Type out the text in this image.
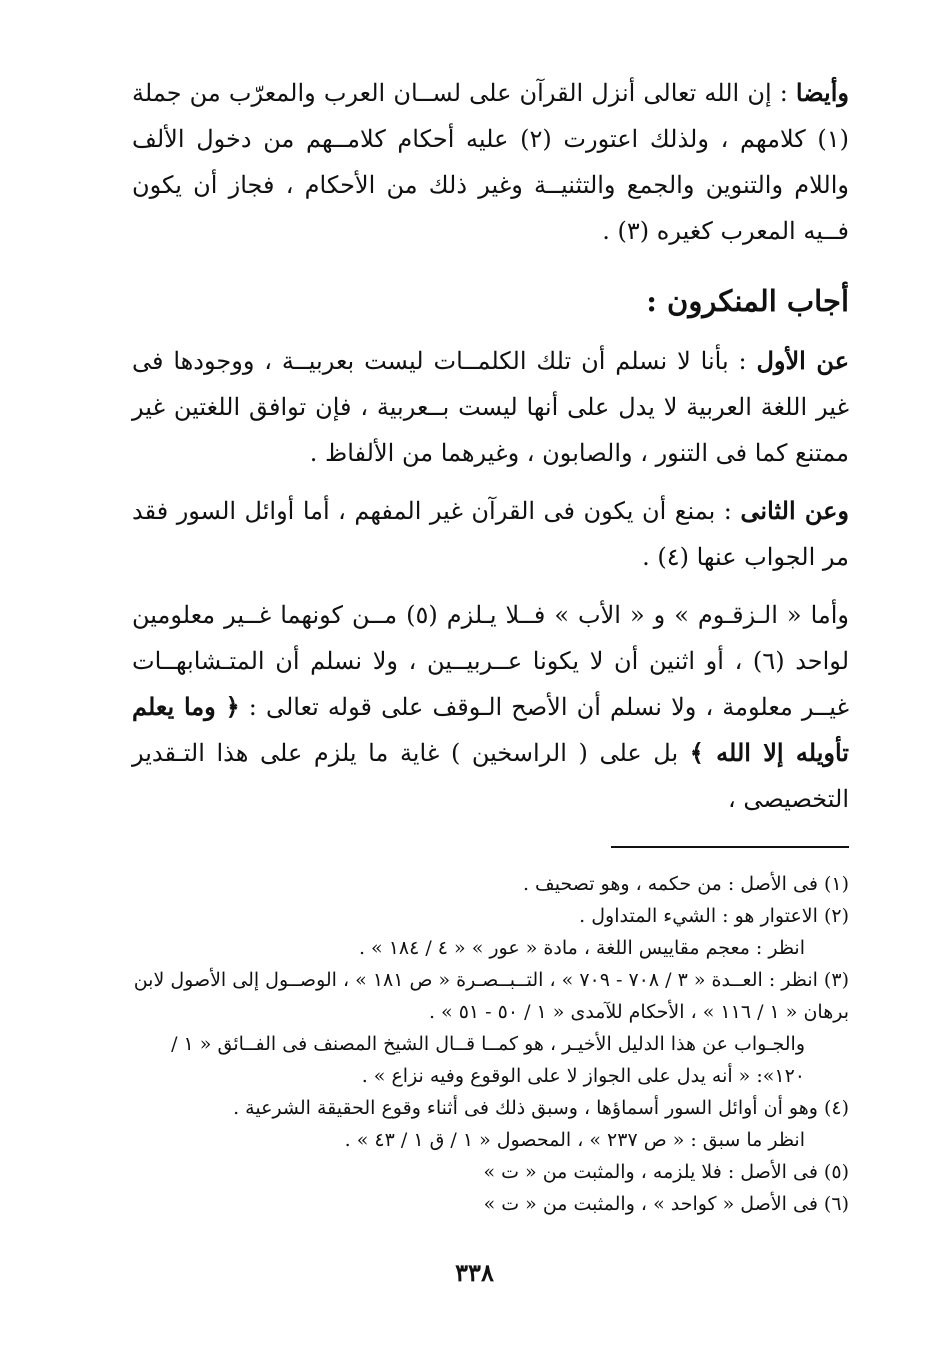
وأيضا : إن الله تعالى أنزل القرآن على لســان العرب والمعرّب من جملة (١) كلامهم ، ولذلك اعتورت (٢) عليه أحكام كلامــهم من دخول الألف واللام والتنوين والجمع والتثنيــة وغير ذلك من الأحكام ، فجاز أن يكون فــيه المعرب كغيره (٣) .

أجاب المنكرون :

عن الأول : بأنا لا نسلم أن تلك الكلمــات ليست بعربيــة ، ووجودها فى غير اللغة العربية لا يدل على أنها ليست بــعربية ، فإن توافق اللغتين غير ممتنع كما فى التنور ، والصابون ، وغيرهما من الألفاظ .

وعن الثانى : بمنع أن يكون فى القرآن غير المفهم ، أما أوائل السور فقد مر الجواب عنها (٤) .

وأما « الـزقـوم » و « الأب » فــلا يـلزم (٥) مــن كونهما غــير معلومين لواحد (٦) ، أو اثنين أن لا يكونا عــربيــين ، ولا نسلم أن المتـشابهــات غيــر معلومة ، ولا نسلم أن الأصح الـوقف على قوله تعالى : ﴿ وما يعلم تأويله إلا الله ﴾ بل على ( الراسخين ) غاية ما يلزم على هذا التـقدير التخصيصى ،

(١) فى الأصل : من حكمه ، وهو تصحيف .
(٢) الاعتوار هو : الشيء المتداول .
انظر : معجم مقاييس اللغة ، مادة « عور » « ٤ / ١٨٤ » .
(٣) انظر : العــدة « ٣ / ٧٠٨ - ٧٠٩ » ، التــبــصـرة « ص ١٨١ » ، الوصــول إلى الأصول لابن برهان « ١ / ١١٦ » ، الأحكام للآمدى « ١ / ٥٠ - ٥١ » .
والجـواب عن هذا الدليل الأخيـر ، هو كمــا قــال الشيخ المصنف فى الفــائق « ١ / ١٢٠»: « أنه يدل على الجواز لا على الوقوع وفيه نزاع » .
(٤) وهو أن أوائل السور أسماؤها ، وسبق ذلك فى أثناء وقوع الحقيقة الشرعية .
انظر ما سبق : « ص ٢٣٧ » ، المحصول « ١ / ق ١ / ٤٣ » .
(٥) فى الأصل : فلا يلزمه ، والمثبت من « ت »
(٦) فى الأصل « كواحد » ، والمثبت من « ت »
٣٣٨
